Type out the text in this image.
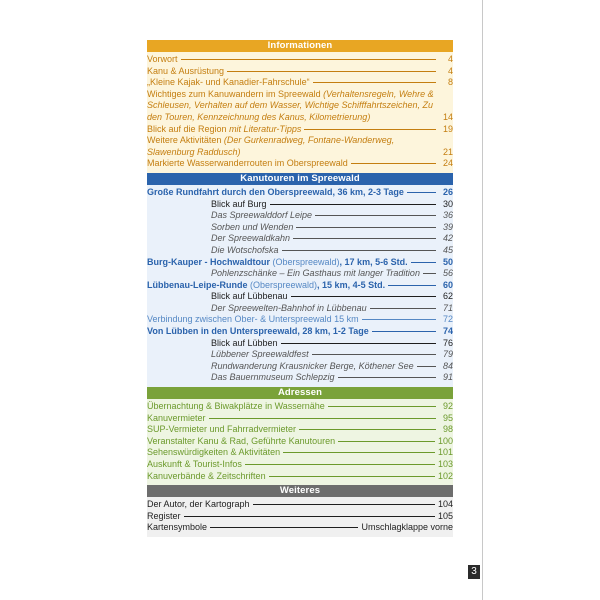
Informationen
Vorwort	4
Kanu & Ausrüstung	4
„Kleine Kajak- und Kanadier-Fahrschule“	8
Wichtiges zum Kanuwandern im Spreewald (Verhaltensregeln, Wehre & Schleusen, Verhalten auf dem Wasser, Wichtige Schifffahrtszeichen, Zu den Touren, Kennzeichnung des Kanus, Kilometrierung)	14
Blick auf die Region mit Literatur-Tipps	19
Weitere Aktivitäten (Der Gurkenradweg, Fontane-Wanderweg, Slawenburg Raddusch)	21
Markierte Wasserwanderrouten im Oberspreewald	24
Kanutouren im Spreewald
Große Rundfahrt durch den Oberspreewald, 36 km, 2-3 Tage	26
Blick auf Burg	30
Das Spreewalddorf Leipe	36
Sorben und Wenden	39
Der Spreewaldkahn	42
Die Wotschofska	45
Burg-Kauper - Hochwaldtour (Oberspreewald), 17 km, 5-6 Std.	50
Pohlenzschänke – Ein Gasthaus mit langer Tradition	56
Lübbenau-Leipe-Runde (Oberspreewald), 15 km, 4-5 Std.	60
Blick auf Lübbenau	62
Der Spreewelten-Bahnhof in Lübbenau	71
Verbindung zwischen Ober- & Unterspreewald 15 km	72
Von Lübben in den Unterspreewald, 28 km, 1-2 Tage	74
Blick auf Lübben	76
Lübbener Spreewaldfest	79
Rundwanderung Krausnicker Berge, Köthener See	84
Das Bauernmuseum Schlepzig	91
Adressen
Übernachtung & Biwakplätze in Wassernähe	92
Kanuvermieter	95
SUP-Vermieter und Fahrradvermieter	98
Veranstalter Kanu & Rad, Geführte Kanutouren	100
Sehenswürdigkeiten & Aktivitäten	101
Auskunft & Tourist-Infos	103
Kanuverbände & Zeitschriften	102
Weiteres
Der Autor, der Kartograph	104
Register	105
Kartensymbole	Umschlagklappe vorne
3
